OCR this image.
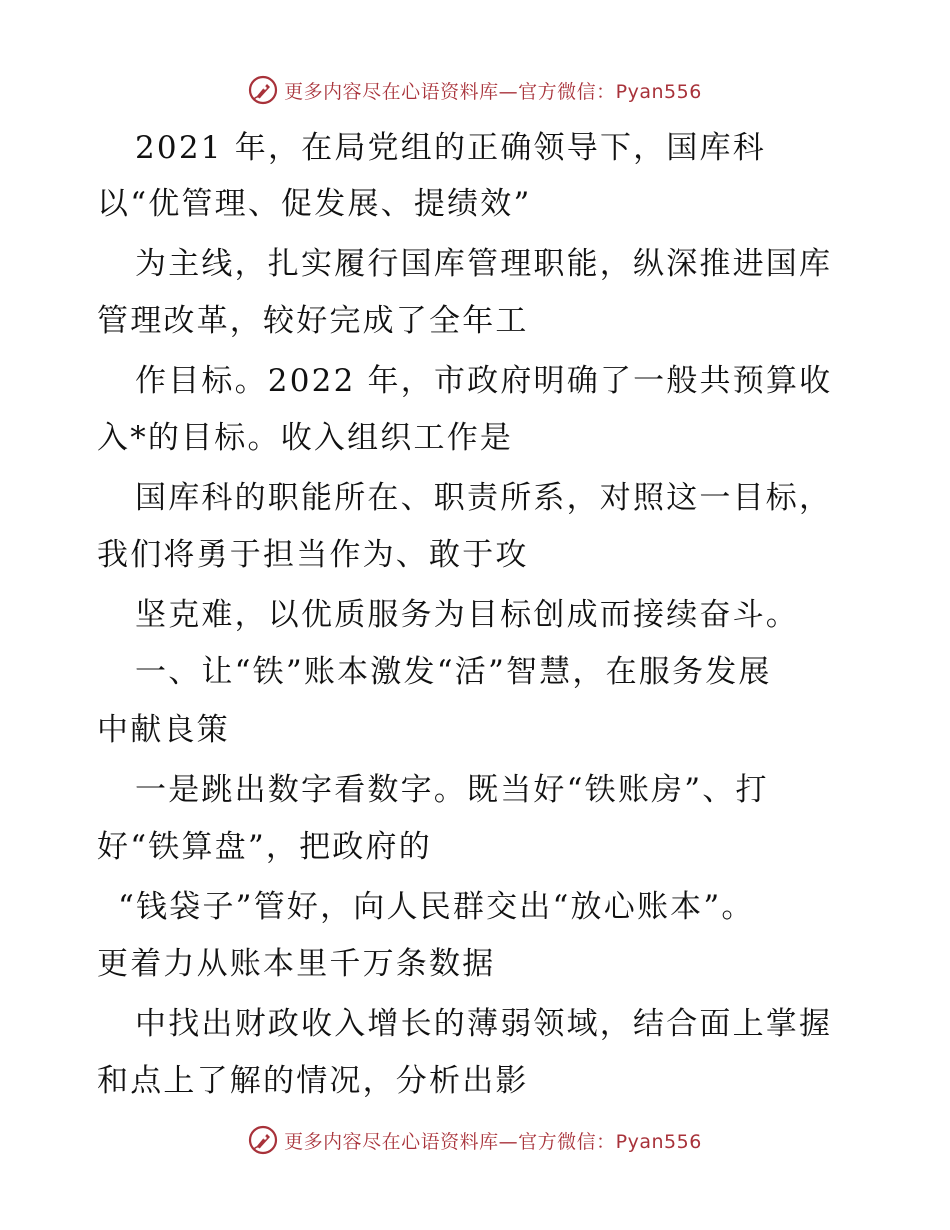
更多内容尽在心语资料库—官方微信：Pyan556
2021 年，在局党组的正确领导下，国库科
以“优管理、促发展、提绩效”
为主线，扎实履行国库管理职能，纵深推进国库
管理改革，较好完成了全年工
作目标。2022 年，市政府明确了一般共预算收
入*的目标。收入组织工作是
国库科的职能所在、职责所系，对照这一目标，
我们将勇于担当作为、敢于攻
坚克难，以优质服务为目标创成而接续奋斗。
一、让“铁”账本激发“活”智慧，在服务发展
中献良策
一是跳出数字看数字。既当好“铁账房”、打
好“铁算盘”，把政府的
“钱袋子”管好，向人民群交出“放心账本”。
更着力从账本里千万条数据
中找出财政收入增长的薄弱领域，结合面上掌握
和点上了解的情况，分析出影
更多内容尽在心语资料库—官方微信：Pyan556
